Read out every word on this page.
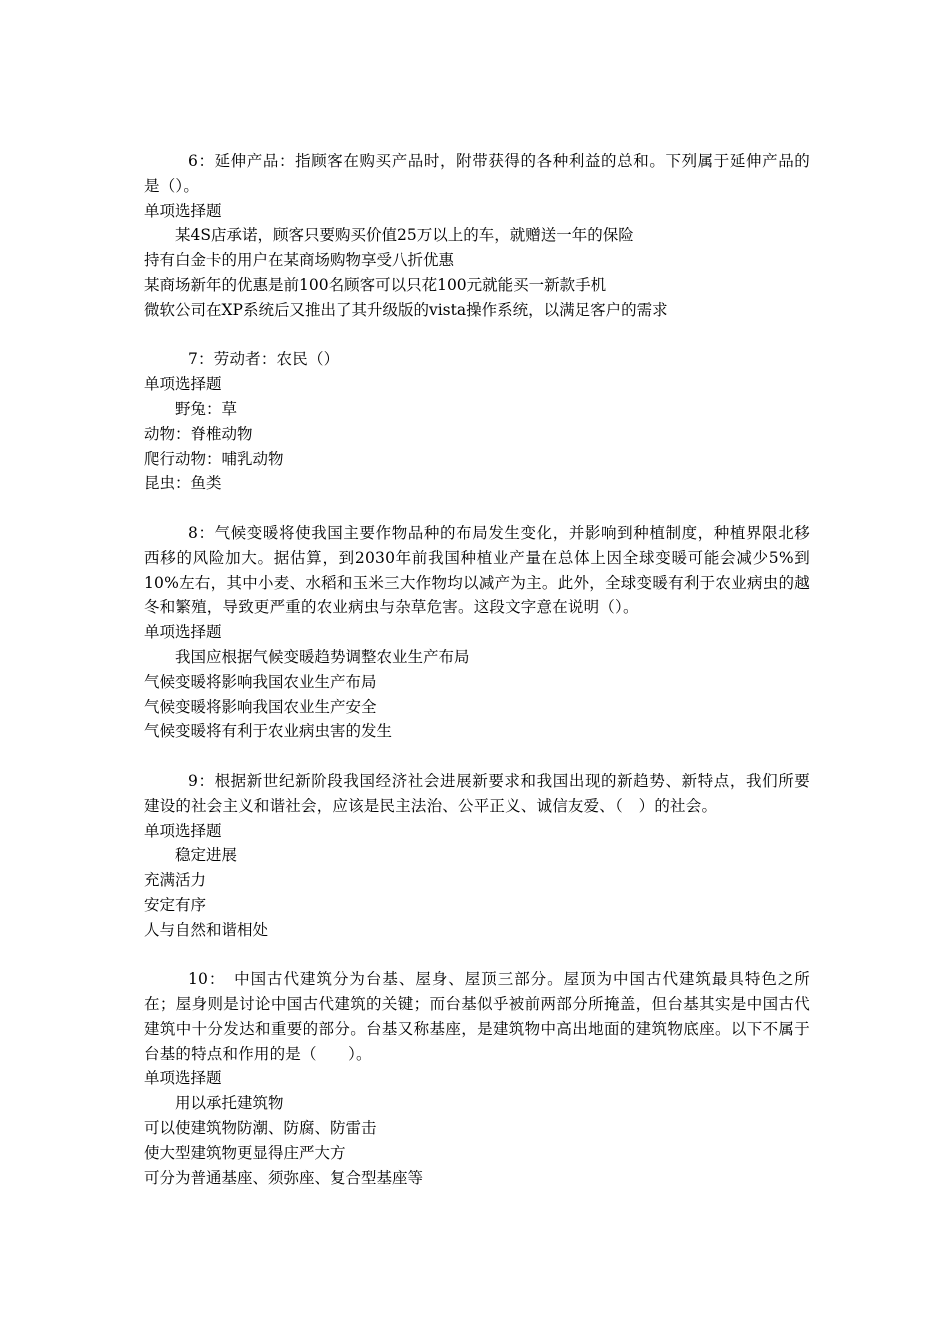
6：延伸产品：指顾客在购买产品时，附带获得的各种利益的总和。下列属于延伸产品的是（）。

单项选择题

某4S店承诺，顾客只要购买价值25万以上的车，就赠送一年的保险

持有白金卡的用户在某商场购物享受八折优惠

某商场新年的优惠是前100名顾客可以只花100元就能买一新款手机

微软公司在XP系统后又推出了其升级版的vista操作系统，以满足客户的需求

7：劳动者：农民（）

单项选择题

野兔：草

动物：脊椎动物

爬行动物：哺乳动物

昆虫：鱼类

8：气候变暖将使我国主要作物品种的布局发生变化，并影响到种植制度，种植界限北移西移的风险加大。据估算，到2030年前我国种植业产量在总体上因全球变暖可能会减少5%到10%左右，其中小麦、水稻和玉米三大作物均以减产为主。此外，全球变暖有利于农业病虫的越冬和繁殖，导致更严重的农业病虫与杂草危害。这段文字意在说明（）。

单项选择题

我国应根据气候变暖趋势调整农业生产布局

气候变暖将影响我国农业生产布局

气候变暖将影响我国农业生产安全

气候变暖将有利于农业病虫害的发生

9：根据新世纪新阶段我国经济社会进展新要求和我国出现的新趋势、新特点，我们所要建设的社会主义和谐社会，应该是民主法治、公平正义、诚信友爱、（　）的社会。

单项选择题

稳定进展

充满活力

安定有序

人与自然和谐相处

10：　中国古代建筑分为台基、屋身、屋顶三部分。屋顶为中国古代建筑最具特色之所在；屋身则是讨论中国古代建筑的关键；而台基似乎被前两部分所掩盖，但台基其实是中国古代建筑中十分发达和重要的部分。台基又称基座，是建筑物中高出地面的建筑物底座。以下不属于台基的特点和作用的是（　　）。

单项选择题

用以承托建筑物

可以使建筑物防潮、防腐、防雷击

使大型建筑物更显得庄严大方

可分为普通基座、须弥座、复合型基座等
